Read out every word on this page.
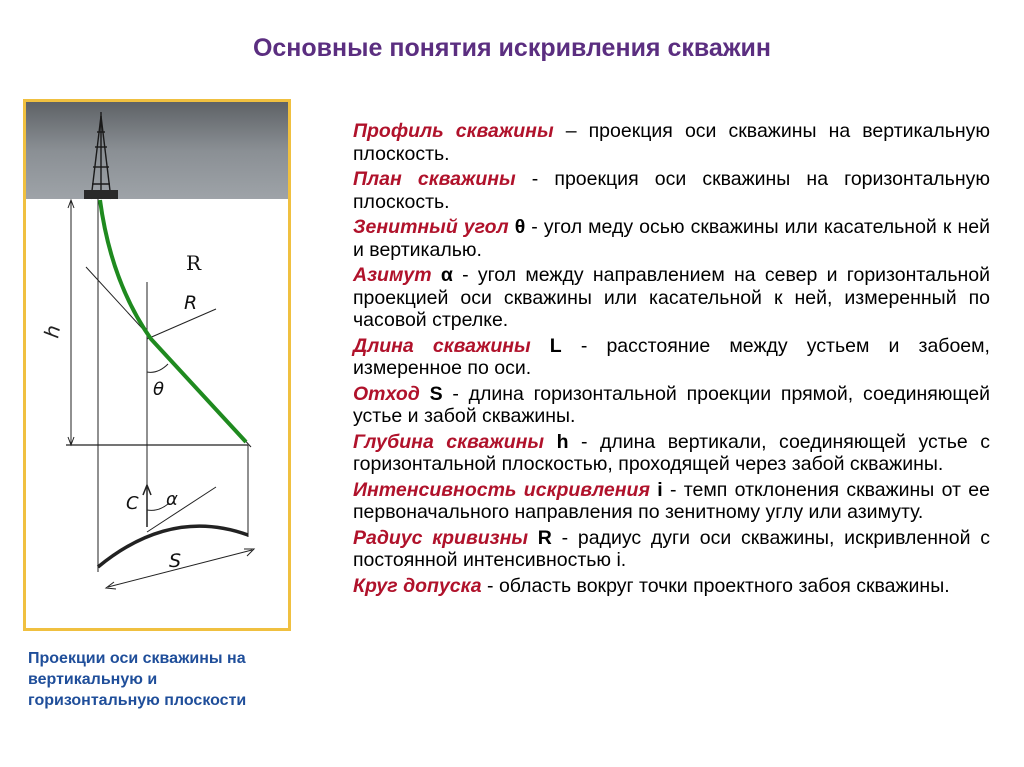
Основные понятия искривления скважин
h
R
R
θ
C α
S
Проекции оси скважины на вертикальную и горизонтальную плоскости

Профиль скважины – проекция оси скважины на вертикальную плоскость.

План скважины - проекция оси скважины на горизонтальную плоскость.

Зенитный угол θ - угол меду осью скважины или касательной к ней и вертикалью.

Азимут α - угол между направлением на север и горизонтальной проекцией оси скважины или касательной к ней, измеренный по часовой стрелке.

Длина скважины L - расстояние между устьем и забоем, измеренное по оси.

Отход S - длина горизонтальной проекции прямой, соединяющей устье и забой скважины.

Глубина скважины h - длина вертикали, соединяющей устье с горизонтальной плоскостью, проходящей через забой скважины.

Интенсивность искривления i - темп отклонения скважины от ее первоначального направления по зенитному углу или азимуту.

Радиус кривизны R - радиус дуги оси скважины, искривленной с постоянной интенсивностью i.

Круг допуска - область вокруг точки проектного забоя скважины.
